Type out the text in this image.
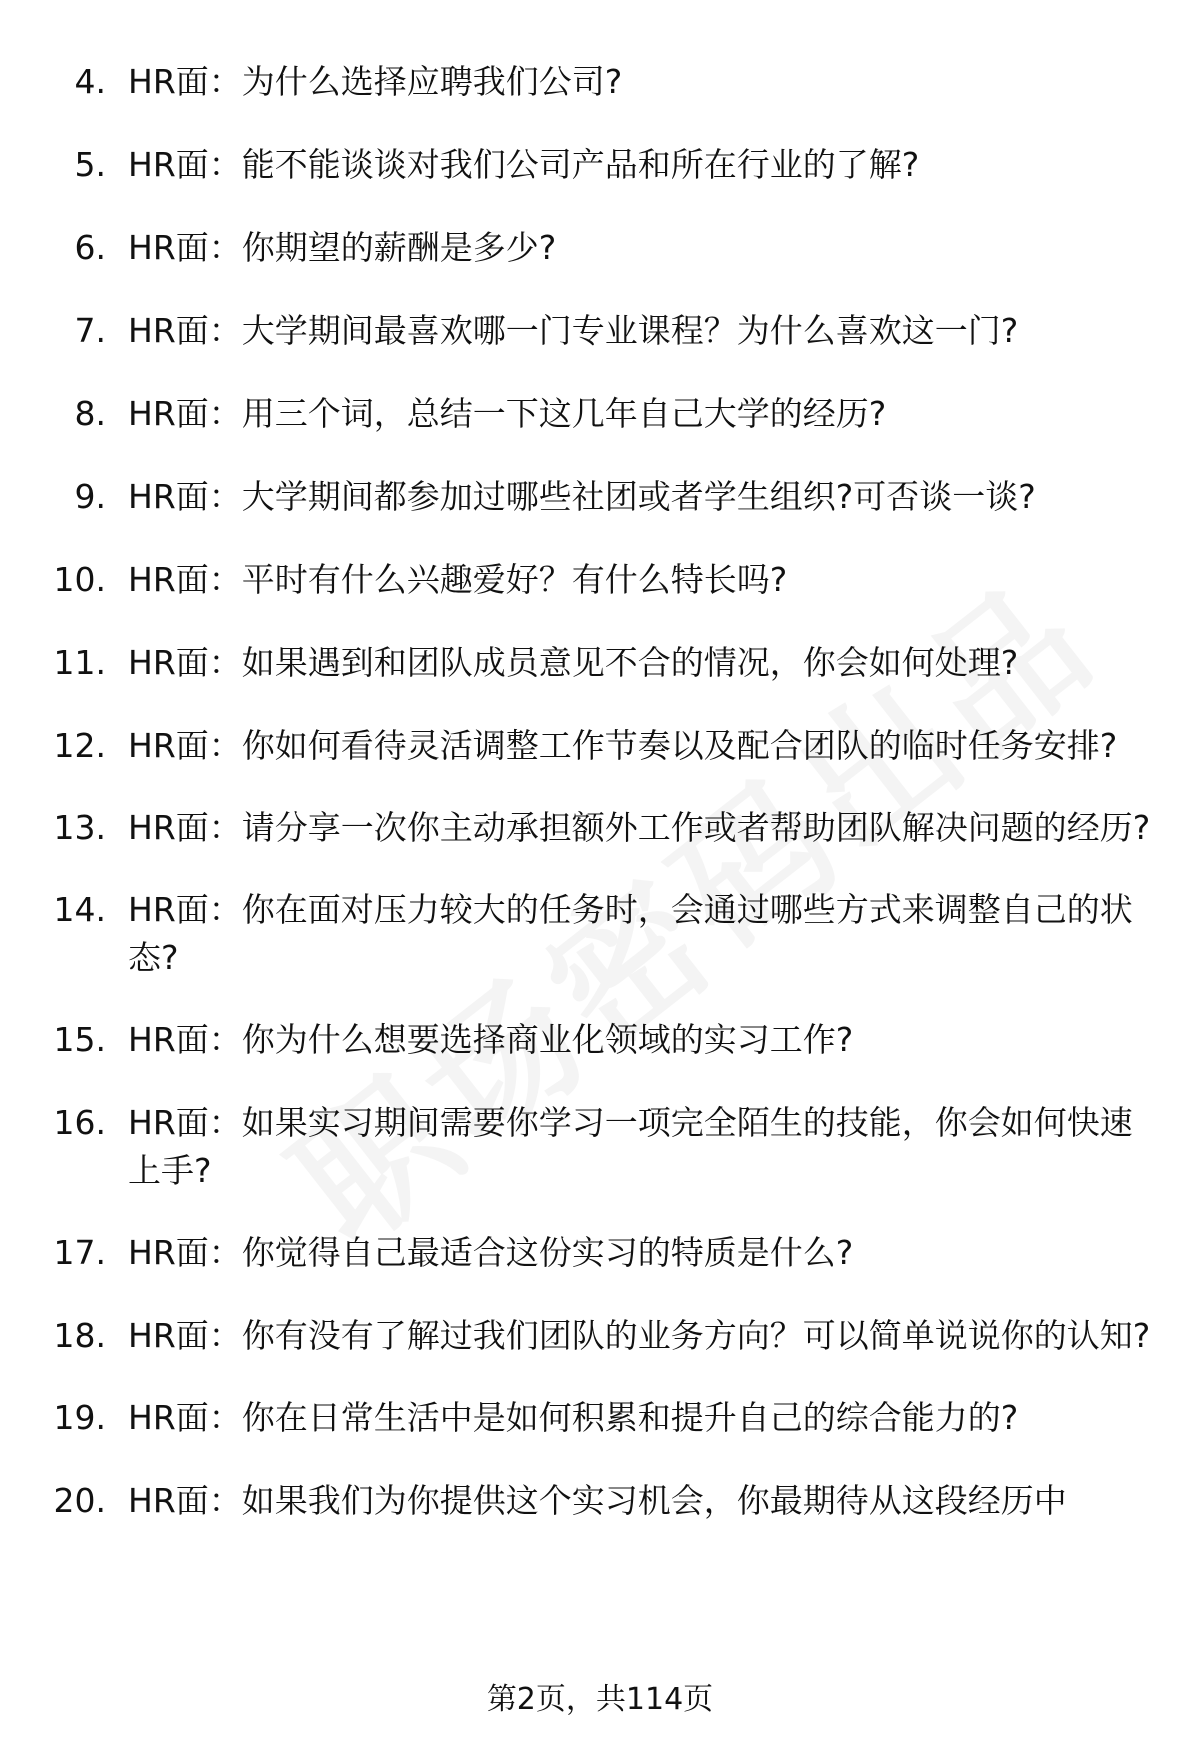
4. HR面：为什么选择应聘我们公司?
5. HR面：能不能谈谈对我们公司产品和所在行业的了解?
6. HR面：你期望的薪酬是多少?
7. HR面：大学期间最喜欢哪一门专业课程？为什么喜欢这一门?
8. HR面：用三个词，总结一下这几年自己大学的经历?
9. HR面：大学期间都参加过哪些社团或者学生组织?可否谈一谈?
10. HR面：平时有什么兴趣爱好？有什么特长吗?
11. HR面：如果遇到和团队成员意见不合的情况，你会如何处理?
12. HR面：你如何看待灵活调整工作节奏以及配合团队的临时任务安排?
13. HR面：请分享一次你主动承担额外工作或者帮助团队解决问题的经历?
14. HR面：你在面对压力较大的任务时，会通过哪些方式来调整自己的状态?
15. HR面：你为什么想要选择商业化领域的实习工作?
16. HR面：如果实习期间需要你学习一项完全陌生的技能，你会如何快速上手?
17. HR面：你觉得自己最适合这份实习的特质是什么?
18. HR面：你有没有了解过我们团队的业务方向？可以简单说说你的认知?
19. HR面：你在日常生活中是如何积累和提升自己的综合能力的?
20. HR面：如果我们为你提供这个实习机会，你最期待从这段经历中
第2页，共114页
